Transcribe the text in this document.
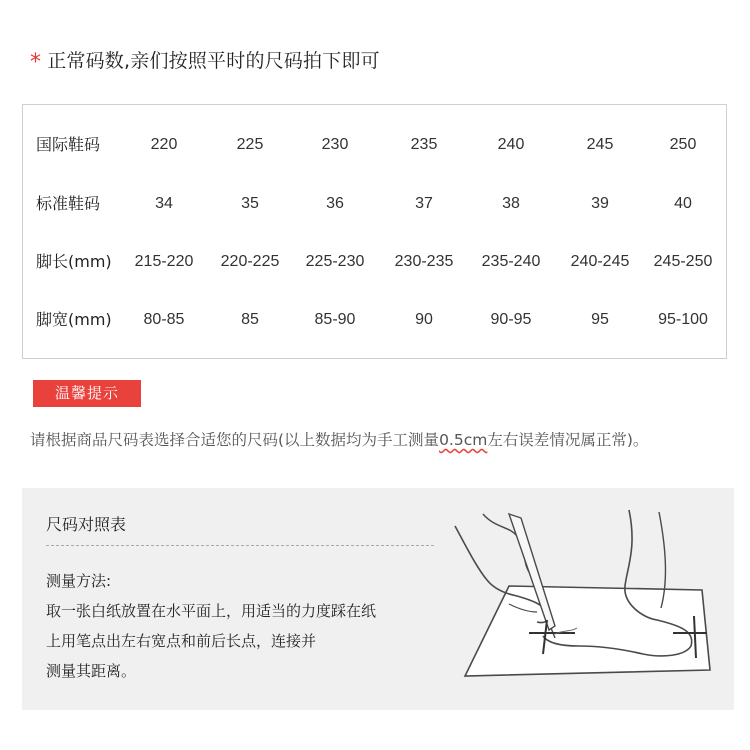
* 正常码数,亲们按照平时的尺码拍下即可
国际鞋码	220	225	230	235	240	245	250
标准鞋码	34	35	36	37	38	39	40
脚长(mm)	215-220	220-225	225-230	230-235	235-240	240-245	245-250
脚宽(mm)	80-85	85	85-90	90	90-95	95	95-100
温馨提示
请根据商品尺码表选择合适您的尺码(以上数据均为手工测量0.5cm左右误差情况属正常)。
尺码对照表
测量方法:
取一张白纸放置在水平面上，用适当的力度踩在纸
上用笔点出左右宽点和前后长点，连接并
测量其距离。
